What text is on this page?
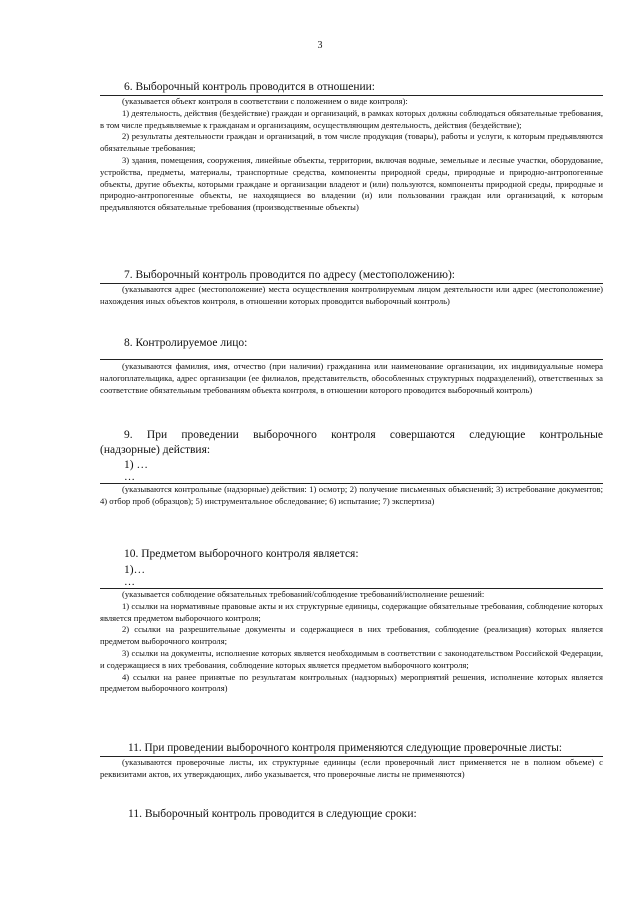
3
6. Выборочный контроль проводится в отношении:

(указывается объект контроля в соответствии с положением о виде контроля):

1) деятельность, действия (бездействие) граждан и организаций, в рамках которых должны соблюдаться обязательные требования, в том числе предъявляемые к гражданам и организациям, осуществляющим деятельность, действия (бездействие);

2) результаты деятельности граждан и организаций, в том числе продукция (товары), работы и услуги, к которым предъявляются обязательные требования;

3) здания, помещения, сооружения, линейные объекты, территории, включая водные, земельные и лесные участки, оборудование, устройства, предметы, материалы, транспортные средства, компоненты природной среды, природные и природно-антропогенные объекты, другие объекты, которыми граждане и организации владеют и (или) пользуются, компоненты природной среды, природные и природно-антропогенные объекты, не находящиеся во владении (и) или пользовании граждан или организаций, к которым предъявляются обязательные требования (производственные объекты)

7. Выборочный контроль проводится по адресу (местоположению):

(указываются адрес (местоположение) места осуществления контролируемым лицом деятельности или адрес (местоположение) нахождения иных объектов контроля, в отношении которых проводится выборочный контроль)

8. Контролируемое лицо:

(указываются фамилия, имя, отчество (при наличии) гражданина или наименование организации, их индивидуальные номера налогоплательщика, адрес организации (ее филиалов, представительств, обособленных структурных подразделений), ответственных за соответствие обязательным требованиям объекта контроля, в отношении которого проводится выборочный контроль)

9. При проведении выборочного контроля совершаются следующие контрольные
(надзорные) действия:
1) …
…

(указываются контрольные (надзорные) действия: 1) осмотр; 2) получение письменных объяснений; 3) истребование документов; 4) отбор проб (образцов); 5) инструментальное обследование; 6) испытание; 7) экспертиза)

10. Предметом выборочного контроля является:
1)…
…

(указывается соблюдение обязательных требований/соблюдение требований/исполнение решений:

1) ссылки на нормативные правовые акты и их структурные единицы, содержащие обязательные требования, соблюдение которых является предметом выборочного контроля;

2) ссылки на разрешительные документы и содержащиеся в них требования, соблюдение (реализация) которых является предметом выборочного контроля;

3) ссылки на документы, исполнение которых является необходимым в соответствии с законодательством Российской Федерации, и содержащиеся в них требования, соблюдение которых является предметом выборочного контроля;

4) ссылки на ранее принятые по результатам контрольных (надзорных) мероприятий решения, исполнение которых является предметом выборочного контроля)

11. При проведении выборочного контроля применяются следующие проверочные листы:

(указываются проверочные листы, их структурные единицы (если проверочный лист применяется не в полном объеме) с реквизитами актов, их утверждающих, либо указывается, что проверочные листы не применяются)

11. Выборочный контроль проводится в следующие сроки:
